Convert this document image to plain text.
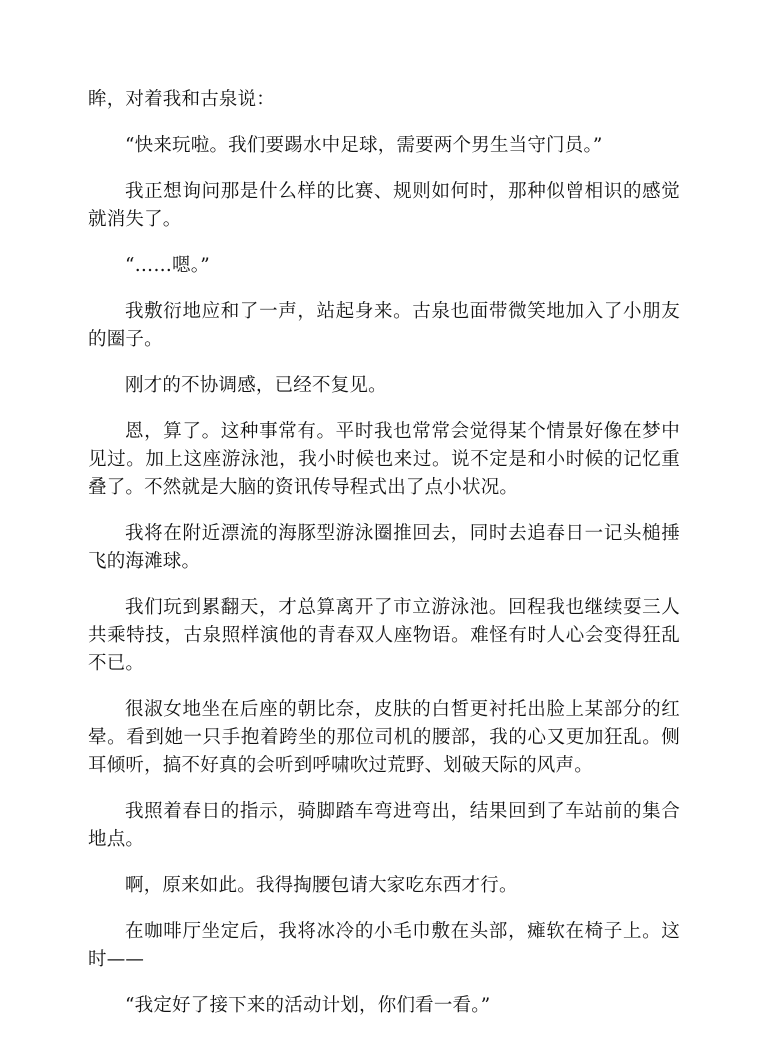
眸，对着我和古泉说：

“快来玩啦。我们要踢水中足球，需要两个男生当守门员。”

我正想询问那是什么样的比赛、规则如何时，那种似曾相识的感觉就消失了。

“……嗯。”

我敷衍地应和了一声，站起身来。古泉也面带微笑地加入了小朋友的圈子。

刚才的不协调感，已经不复见。

恩，算了。这种事常有。平时我也常常会觉得某个情景好像在梦中见过。加上这座游泳池，我小时候也来过。说不定是和小时候的记忆重叠了。不然就是大脑的资讯传导程式出了点小状况。

我将在附近漂流的海豚型游泳圈推回去，同时去追春日一记头槌捶飞的海滩球。

我们玩到累翻天，才总算离开了市立游泳池。回程我也继续耍三人共乘特技，古泉照样演他的青春双人座物语。难怪有时人心会变得狂乱不已。

很淑女地坐在后座的朝比奈，皮肤的白皙更衬托出脸上某部分的红晕。看到她一只手抱着跨坐的那位司机的腰部，我的心又更加狂乱。侧耳倾听，搞不好真的会听到呼啸吹过荒野、划破天际的风声。

我照着春日的指示，骑脚踏车弯进弯出，结果回到了车站前的集合地点。

啊，原来如此。我得掏腰包请大家吃东西才行。

在咖啡厅坐定后，我将冰冷的小毛巾敷在头部，瘫软在椅子上。这时——

“我定好了接下来的活动计划，你们看一看。”
